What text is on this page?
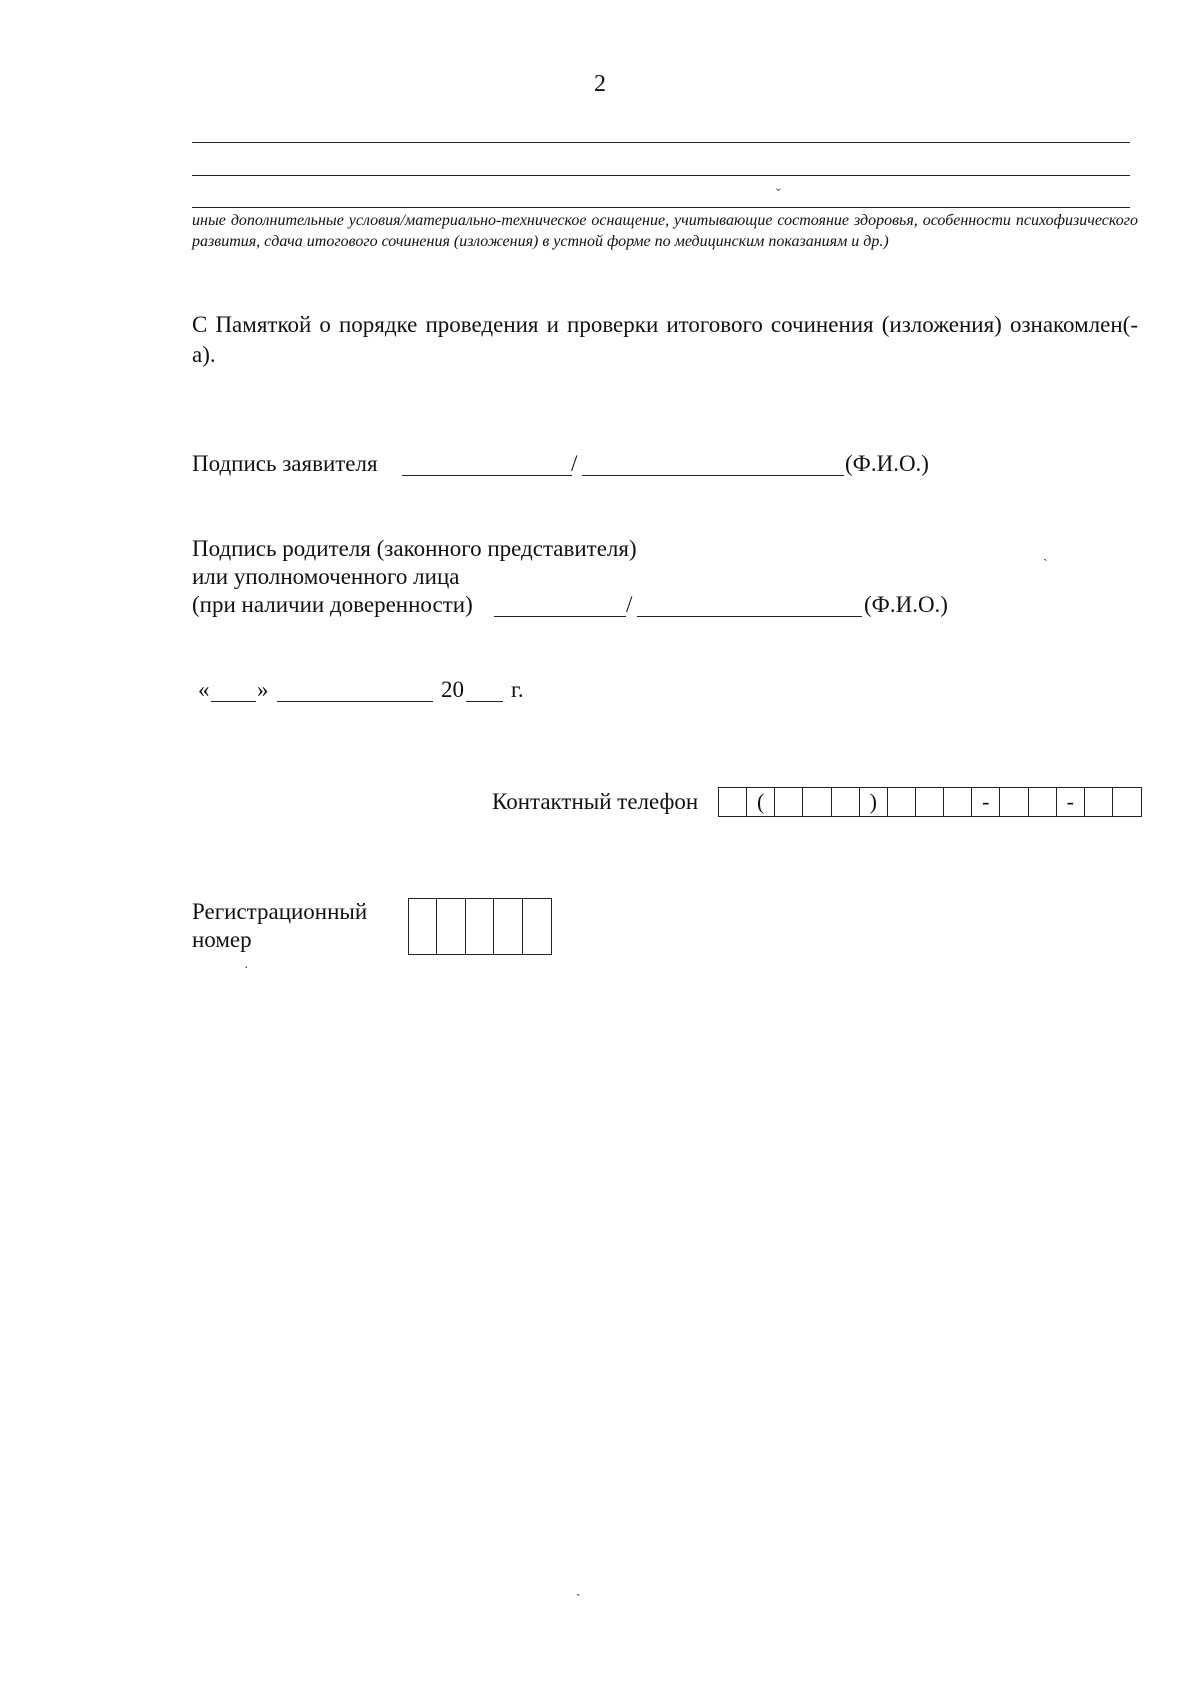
2
ˇ
иные дополнительные условия/материально-техническое оснащение, учитывающие состояние здоровья, особенности психофизического развития, сдача итогового сочинения (изложения) в устной форме по медицинским показаниям и др.)
С Памяткой о порядке проведения и проверки итогового сочинения (изложения) ознакомлен(-а).
Подпись заявителя	/	(Ф.И.О.)
Подпись родителя (законного представителя)
или уполномоченного лица
(при наличии доверенности)	/	(Ф.И.О.)
ˏ
« »	20 г.
Контактный телефон	(	)	-	-
Регистрационный
номер
·
ˏ
